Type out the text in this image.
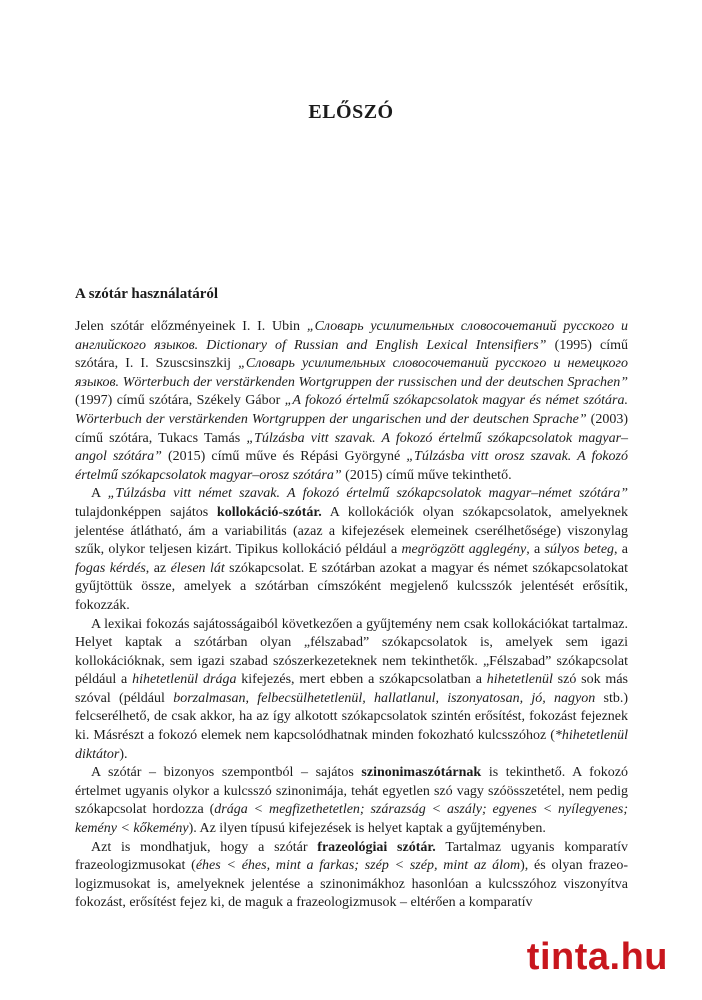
ELŐSZÓ
A szótár használatáról

Jelen szótár előzményeinek I. I. Ubin „Словарь усилительных словосочетаний русского и английского языков. Dictionary of Russian and English Lexical Intensifiers” (1995) című szótára, I. I. Szuscsinszkij „Словарь усилительных словосочетаний русского и немецкого языков. Wörterbuch der verstärkenden Wortgruppen der russischen und der deutschen Sprachen” (1997) című szótára, Székely Gábor „A fokozó értelmű szókapcsolatok magyar és német szótára. Wörterbuch der verstärkenden Wortgruppen der ungarischen und der deutschen Sprache” (2003) című szótára, Tukacs Tamás „Túlzásba vitt szavak. A fokozó értelmű szókapcsolatok magyar–angol szótára” (2015) című műve és Répási Györgyné „Túlzásba vitt orosz szavak. A fokozó értelmű szókapcsolatok magyar–orosz szótára” (2015) című műve tekinthető.

A „Túlzásba vitt német szavak. A fokozó értelmű szókapcsolatok magyar–német szótára” tulajdonképpen sajátos kollokáció-szótár. A kollokációk olyan szókapcsolatok, amelyeknek jelentése átlátható, ám a variabilitás (azaz a kifejezések elemeinek cserélhetősége) viszonylag szűk, olykor teljesen kizárt. Tipikus kollokáció például a megrögzött agglegény, a súlyos beteg, a fogas kérdés, az élesen lát szókapcsolat. E szótárban azokat a magyar és német szókapcsolatokat gyűjtöttük össze, amelyek a szótárban címszóként megjelenő kulcsszók jelentését erősítik, fokozzák.

A lexikai fokozás sajátosságaiból következően a gyűjtemény nem csak kollokációkat tartalmaz. Helyet kaptak a szótárban olyan „félszabad” szókapcsolatok is, amelyek sem igazi kollokációknak, sem igazi szabad szószerkezeteknek nem tekinthetők. „Félszabad” szókapcsolat például a hihetetlenül drága kifejezés, mert ebben a szókapcsolatban a hihetetlenül szó sok más szóval (például borzalmasan, felbecsülhetetlenül, hallatlanul, iszonyatosan, jó, nagyon stb.) felcserélhető, de csak akkor, ha az így alkotott szókapcsolatok szintén erősítést, fokozást fejeznek ki. Másrészt a fokozó elemek nem kapcsolódhatnak minden fokozható kulcsszóhoz (*hihetetlenül diktátor).

A szótár – bizonyos szempontból – sajátos szinonimaszótárnak is tekinthető. A fokozó értelmet ugyanis olykor a kulcsszó szinonimája, tehát egyetlen szó vagy szóösszetétel, nem pedig szókapcsolat hordozza (drága < megfizethetetlen; szárazság < aszály; egyenes < nyílegyenes; kemény < kőkemény). Az ilyen típusú kifejezések is helyet kaptak a gyűjteményben.

Azt is mondhatjuk, hogy a szótár frazeológiai szótár. Tartalmaz ugyanis komparatív frazeologizmusokat (éhes < éhes, mint a farkas; szép < szép, mint az álom), és olyan frazeologizmusokat is, amelyeknek jelentése a szinonimákhoz hasonlóan a kulcsszóhoz viszonyítva fokozást, erősítést fejez ki, de maguk a frazeologizmusok – eltérően a komparatív

tinta.hu
